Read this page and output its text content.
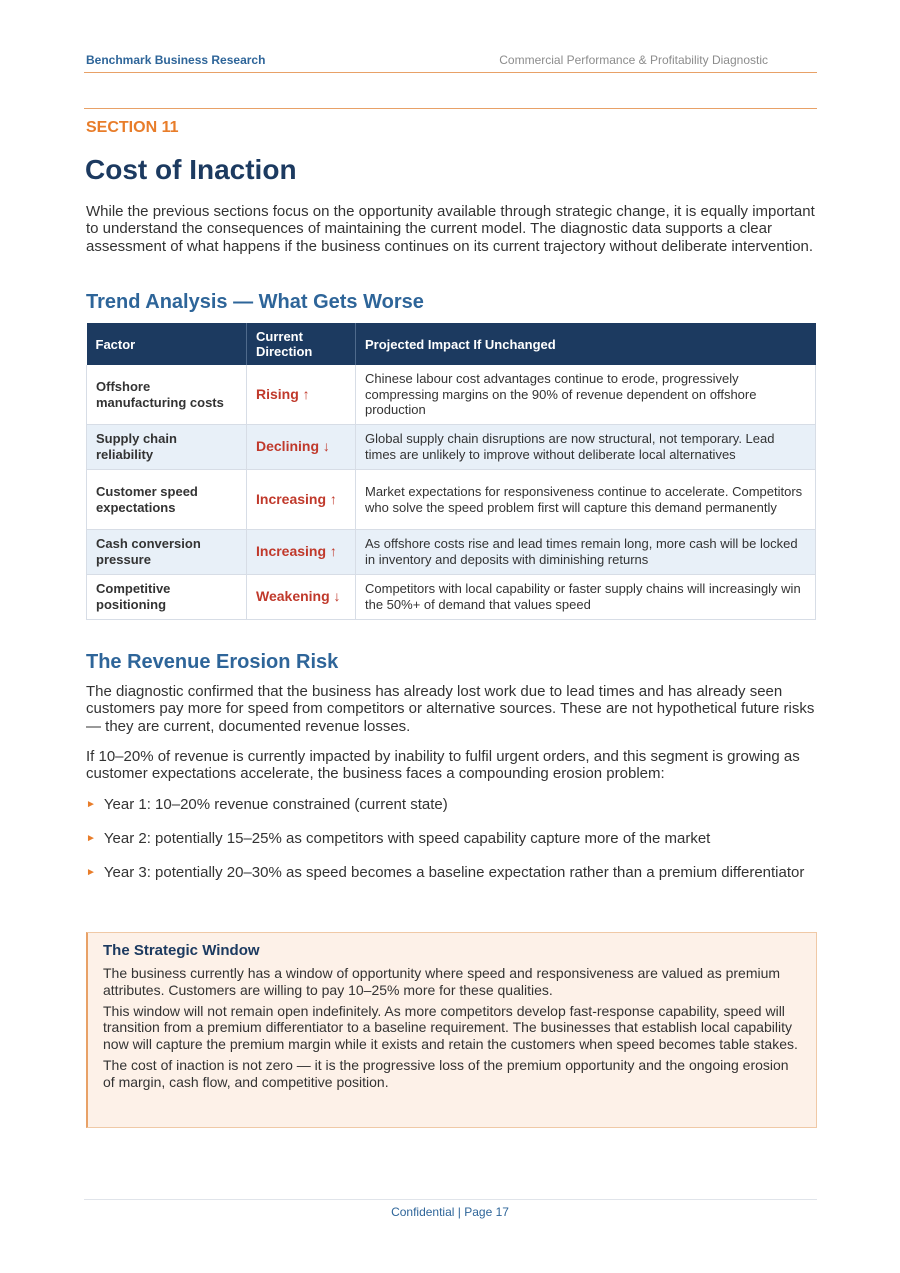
Benchmark Business Research	Commercial Performance & Profitability Diagnostic
SECTION 11
Cost of Inaction

While the previous sections focus on the opportunity available through strategic change, it is equally important to understand the consequences of maintaining the current model. The diagnostic data supports a clear assessment of what happens if the business continues on its current trajectory without deliberate intervention.

Trend Analysis — What Gets Worse
Factor	Current Direction	Projected Impact If Unchanged
Offshore manufacturing costs	Rising ↑	Chinese labour cost advantages continue to erode, progressively compressing margins on the 90% of revenue dependent on offshore production
Supply chain reliability	Declining ↓	Global supply chain disruptions are now structural, not temporary. Lead times are unlikely to improve without deliberate local alternatives
Customer speed expectations	Increasing ↑	Market expectations for responsiveness continue to accelerate. Competitors who solve the speed problem first will capture this demand permanently
Cash conversion pressure	Increasing ↑	As offshore costs rise and lead times remain long, more cash will be locked in inventory and deposits with diminishing returns
Competitive positioning	Weakening ↓	Competitors with local capability or faster supply chains will increasingly win the 50%+ of demand that values speed
The Revenue Erosion Risk

The diagnostic confirmed that the business has already lost work due to lead times and has already seen customers pay more for speed from competitors or alternative sources. These are not hypothetical future risks — they are current, documented revenue losses.

If 10–20% of revenue is currently impacted by inability to fulfil urgent orders, and this segment is growing as customer expectations accelerate, the business faces a compounding erosion problem:

► Year 1: 10–20% revenue constrained (current state)
► Year 2: potentially 15–25% as competitors with speed capability capture more of the market
► Year 3: potentially 20–30% as speed becomes a baseline expectation rather than a premium differentiator
The Strategic Window

The business currently has a window of opportunity where speed and responsiveness are valued as premium attributes. Customers are willing to pay 10–25% more for these qualities.

This window will not remain open indefinitely. As more competitors develop fast-response capability, speed will transition from a premium differentiator to a baseline requirement. The businesses that establish local capability now will capture the premium margin while it exists and retain the customers when speed becomes table stakes.

The cost of inaction is not zero — it is the progressive loss of the premium opportunity and the ongoing erosion of margin, cash flow, and competitive position.

Confidential | Page 17
